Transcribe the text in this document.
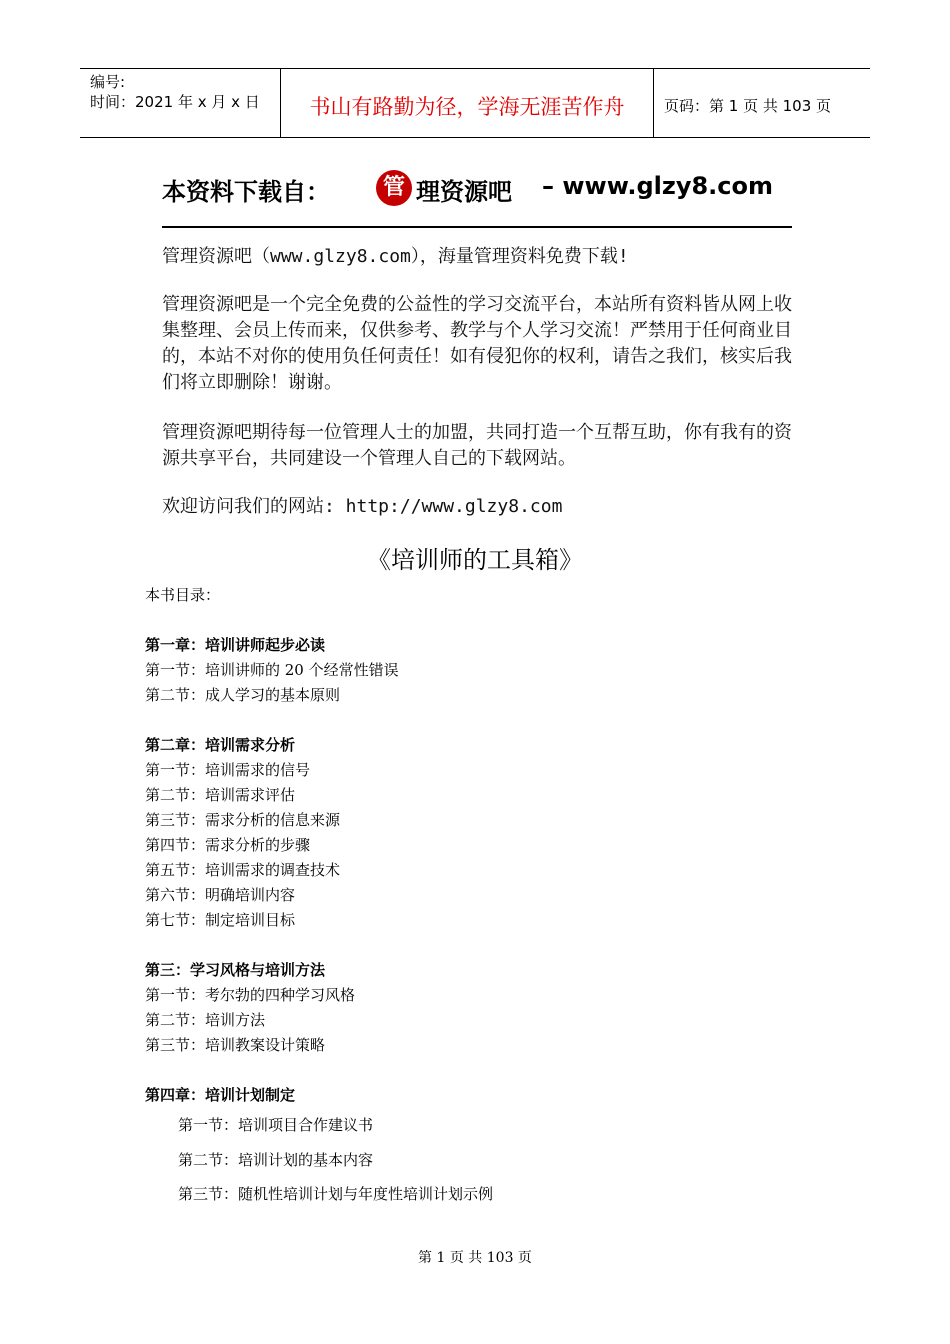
编号:
时间：2021 年 x 月 x 日	书山有路勤为径，学海无涯苦作舟	页码：第 1 页 共 103 页
本资料下载自：	管 理资源吧 – www.glzy8.com
管理资源吧（www.glzy8.com），海量管理资料免费下载!
管理资源吧是一个完全免费的公益性的学习交流平台，本站所有资料皆从网上收集整理、会员上传而来，仅供参考、教学与个人学习交流！严禁用于任何商业目的，本站不对你的使用负任何责任！如有侵犯你的权利，请告之我们，核实后我们将立即删除！谢谢。
管理资源吧期待每一位管理人士的加盟，共同打造一个互帮互助，你有我有的资源共享平台，共同建设一个管理人自己的下载网站。
欢迎访问我们的网站: http://www.glzy8.com
《培训师的工具箱》

本书目录：

第一章：培训讲师起步必读

第一节：培训讲师的 20 个经常性错误

第二节：成人学习的基本原则

第二章：培训需求分析

第一节：培训需求的信号

第二节：培训需求评估

第三节：需求分析的信息来源

第四节：需求分析的步骤

第五节：培训需求的调查技术

第六节：明确培训内容

第七节：制定培训目标

第三：学习风格与培训方法

第一节：考尔勃的四种学习风格

第二节：培训方法

第三节：培训教案设计策略

第四章：培训计划制定

第一节：培训项目合作建议书

第二节：培训计划的基本内容

第三节：随机性培训计划与年度性培训计划示例

第 1 页 共 103 页
